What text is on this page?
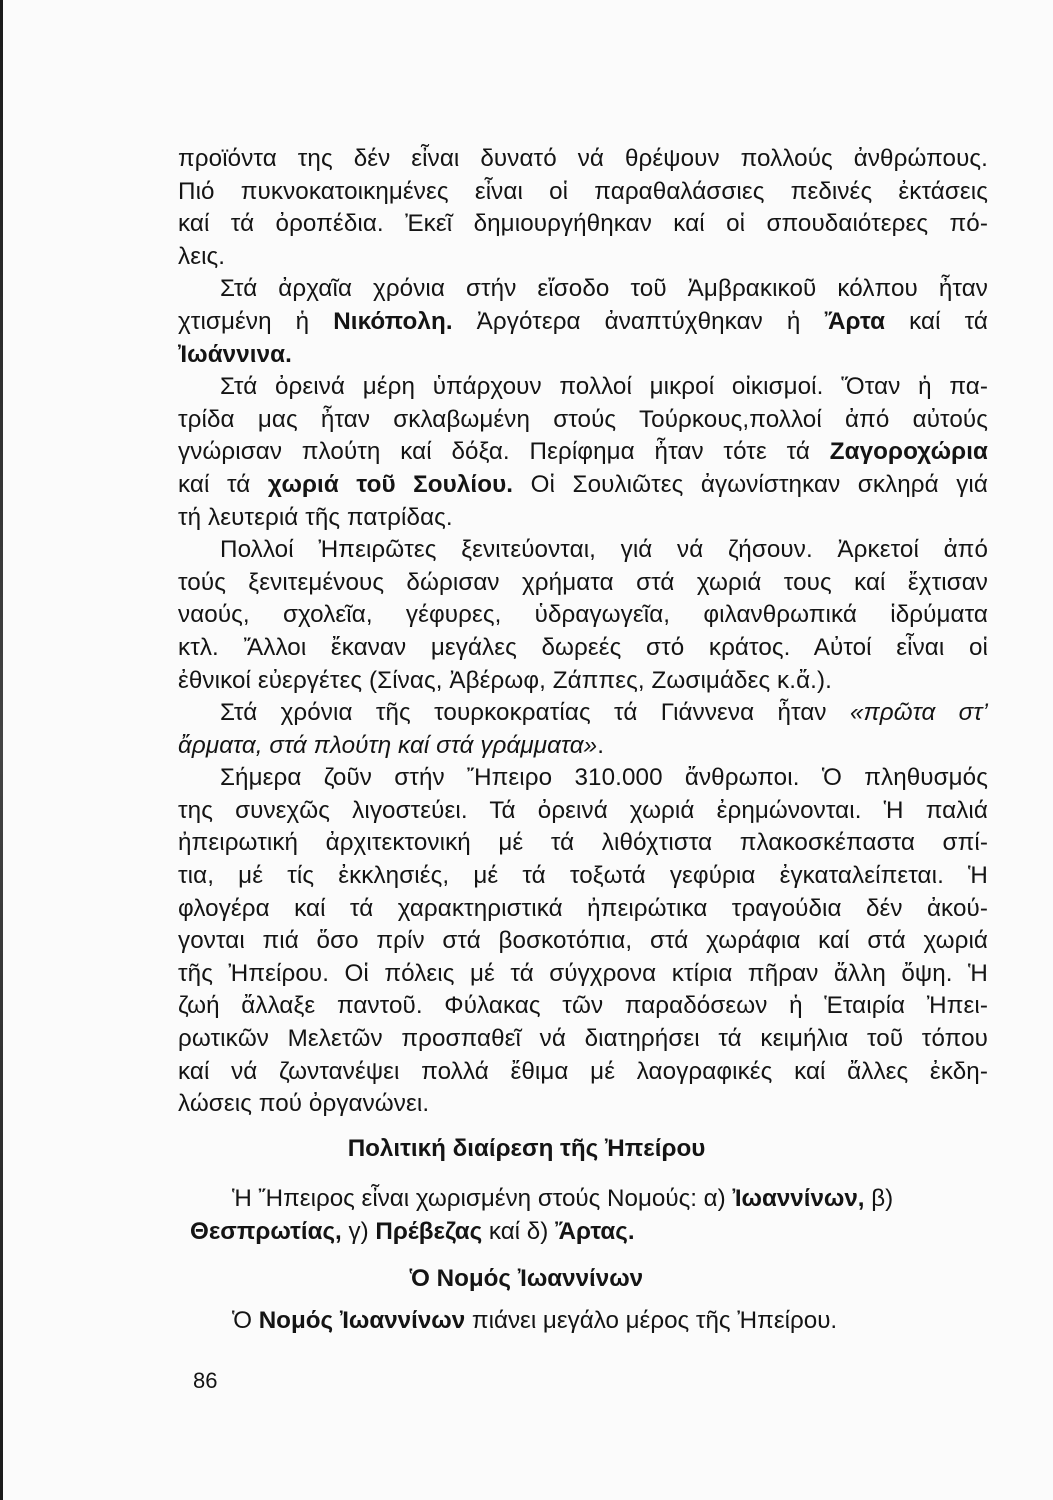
προϊόντα της δέν εἶναι δυνατό νά θρέψουν πολλούς ἀνθρώπους.
Πιό πυκνοκατοικημένες εἶναι οἱ παραθαλάσσιες πεδινές ἐκτάσεις
καί τά ὀροπέδια. Ἐκεῖ δημιουργήθηκαν καί οἱ σπουδαιότερες πό-
λεις.
Στά ἀρχαῖα χρόνια στήν εἴσοδο τοῦ Ἀμβρακικοῦ κόλπου ἦταν
χτισμένη ἡ Νικόπολη. Ἀργότερα ἀναπτύχθηκαν ἡ Ἄρτα καί τά
Ἰωάννινα.
Στά ὀρεινά μέρη ὑπάρχουν πολλοί μικροί οἰκισμοί. Ὅταν ἡ πα-
τρίδα μας ἦταν σκλαβωμένη στούς Τούρκους,πολλοί ἀπό αὐτούς
γνώρισαν πλούτη καί δόξα. Περίφημα ἦταν τότε τά Ζαγοροχώρια
καί τά χωριά τοῦ Σουλίου. Οἱ Σουλιῶτες ἀγωνίστηκαν σκληρά γιά
τή λευτεριά τῆς πατρίδας.
Πολλοί Ἠπειρῶτες ξενιτεύονται, γιά νά ζήσουν. Ἀρκετοί ἀπό
τούς ξενιτεμένους δώρισαν χρήματα στά χωριά τους καί ἔχτισαν
ναούς, σχολεῖα, γέφυρες, ὑδραγωγεῖα, φιλανθρωπικά ἱδρύματα
κτλ. Ἄλλοι ἔκαναν μεγάλες δωρεές στό κράτος. Αὐτοί εἶναι οἱ
ἐθνικοί εὐεργέτες (Σίνας, Ἀβέρωφ, Ζάππες, Ζωσιμάδες κ.ἄ.).
Στά χρόνια τῆς τουρκοκρατίας τά Γιάννενα ἦταν «πρῶτα στ’
ἄρματα, στά πλούτη καί στά γράμματα».
Σήμερα ζοῦν στήν Ἤπειρο 310.000 ἄνθρωποι. Ὁ πληθυσμός
της συνεχῶς λιγοστεύει. Τά ὀρεινά χωριά ἐρημώνονται. Ἡ παλιά
ἠπειρωτική ἀρχιτεκτονική μέ τά λιθόχτιστα πλακοσκέπαστα σπί-
τια, μέ τίς ἐκκλησιές, μέ τά τοξωτά γεφύρια ἐγκαταλείπεται. Ἡ
φλογέρα καί τά χαρακτηριστικά ἠπειρώτικα τραγούδια δέν ἀκού-
γονται πιά ὅσο πρίν στά βοσκοτόπια, στά χωράφια καί στά χωριά
τῆς Ἠπείρου. Οἱ πόλεις μέ τά σύγχρονα κτίρια πῆραν ἄλλη ὄψη. Ἡ
ζωή ἄλλαξε παντοῦ. Φύλακας τῶν παραδόσεων ἡ Ἑταιρία Ἠπει-
ρωτικῶν Μελετῶν προσπαθεῖ νά διατηρήσει τά κειμήλια τοῦ τόπου
καί νά ζωντανέψει πολλά ἔθιμα μέ λαογραφικές καί ἄλλες ἐκδη-
λώσεις πού ὀργανώνει.
Πολιτική διαίρεση τῆς Ἠπείρου
Ἡ Ἤπειρος εἶναι χωρισμένη στούς Νομούς: α) Ἰωαννίνων, β)
Θεσπρωτίας, γ) Πρέβεζας καί δ) Ἄρτας.
Ὁ Νομός Ἰωαννίνων
Ὁ Νομός Ἰωαννίνων πιάνει μεγάλο μέρος τῆς Ἠπείρου.
86
